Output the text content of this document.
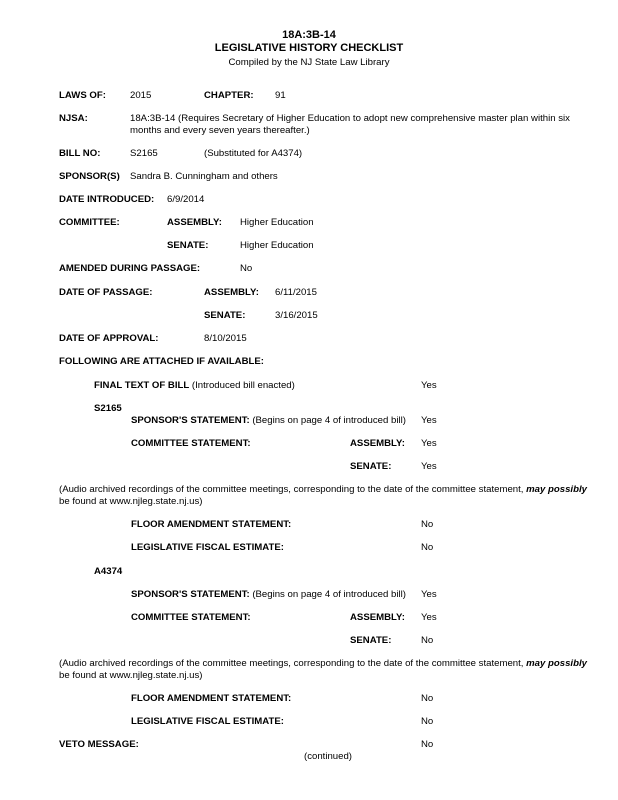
18A:3B-14
LEGISLATIVE HISTORY CHECKLIST
Compiled by the NJ State Law Library
LAWS OF:	2015	CHAPTER: 91
NJSA:	18A:3B-14 (Requires Secretary of Higher Education to adopt new comprehensive master plan within six
months and every seven years thereafter.)
BILL NO:	S2165	(Substituted for A4374)
SPONSOR(S) Sandra B. Cunningham and others
DATE INTRODUCED: 6/9/2014
COMMITTEE:	ASSEMBLY: Higher Education
SENATE:	Higher Education
AMENDED DURING PASSAGE:	No
DATE OF PASSAGE:	ASSEMBLY: 6/11/2015
SENATE:	3/16/2015
DATE OF APPROVAL:	8/10/2015
FOLLOWING ARE ATTACHED IF AVAILABLE:
FINAL TEXT OF BILL (Introduced bill enacted)	Yes
S2165
SPONSOR'S STATEMENT: (Begins on page 4 of introduced bill) Yes
COMMITTEE STATEMENT:	ASSEMBLY: Yes
SENATE:	Yes
(Audio archived recordings of the committee meetings, corresponding to the date of the committee statement, may possibly
be found at www.njleg.state.nj.us)
FLOOR AMENDMENT STATEMENT:	No
LEGISLATIVE FISCAL ESTIMATE:	No
A4374
SPONSOR'S STATEMENT: (Begins on page 4 of introduced bill) Yes
COMMITTEE STATEMENT:	ASSEMBLY: Yes
SENATE:	No
(Audio archived recordings of the committee meetings, corresponding to the date of the committee statement, may possibly
be found at www.njleg.state.nj.us)
FLOOR AMENDMENT STATEMENT:	No
LEGISLATIVE FISCAL ESTIMATE:	No
VETO MESSAGE:	No
(continued)
